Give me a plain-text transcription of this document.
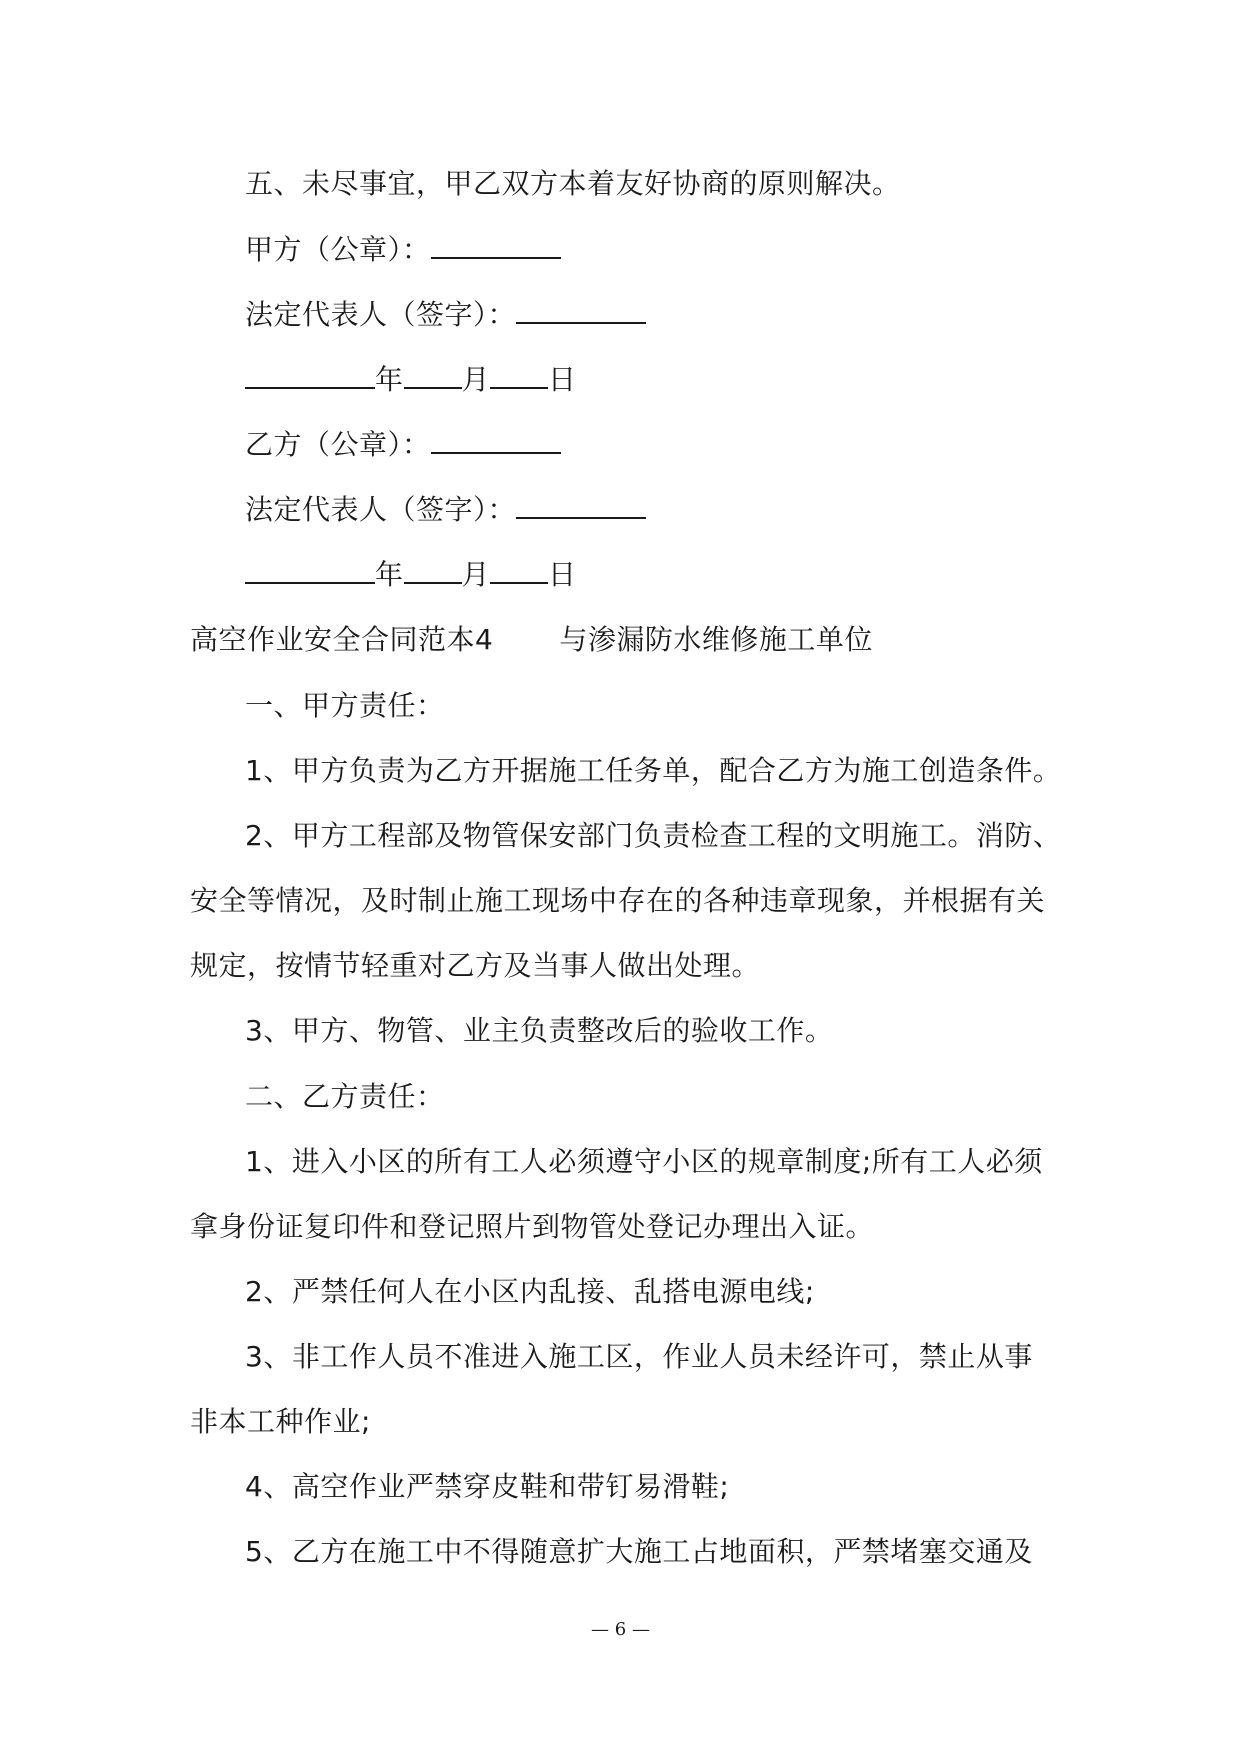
五、未尽事宜，甲乙双方本着友好协商的原则解决。
甲方（公章）：
法定代表人（签字）：
年 月 日
乙方（公章）：
法定代表人（签字）：
年 月 日
高空作业安全合同范本4 与渗漏防水维修施工单位
一、甲方责任：
1、甲方负责为乙方开据施工任务单，配合乙方为施工创造条件。
2、甲方工程部及物管保安部门负责检查工程的文明施工。消防、
安全等情况，及时制止施工现场中存在的各种违章现象，并根据有关
规定，按情节轻重对乙方及当事人做出处理。
3、甲方、物管、业主负责整改后的验收工作。
二、乙方责任：
1、进入小区的所有工人必须遵守小区的规章制度;所有工人必须
拿身份证复印件和登记照片到物管处登记办理出入证。
2、严禁任何人在小区内乱接、乱搭电源电线;
3、非工作人员不准进入施工区，作业人员未经许可，禁止从事
非本工种作业;
4、高空作业严禁穿皮鞋和带钉易滑鞋;
5、乙方在施工中不得随意扩大施工占地面积，严禁堵塞交通及
— 6 —
